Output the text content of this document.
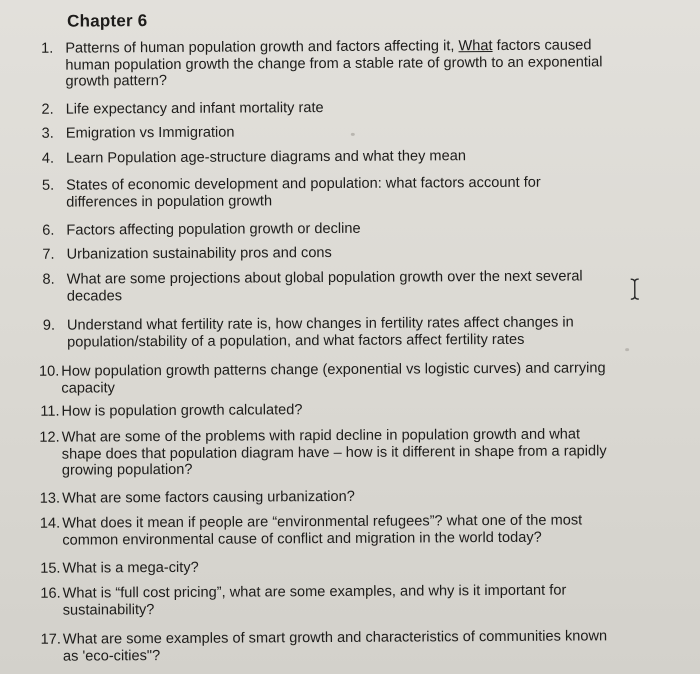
Chapter 6
1. Patterns of human population growth and factors affecting it, What factors caused
human population growth the change from a stable rate of growth to an exponential
growth pattern?
2. Life expectancy and infant mortality rate
3. Emigration vs Immigration
4. Learn Population age-structure diagrams and what they mean
5. States of economic development and population: what factors account for
differences in population growth
6. Factors affecting population growth or decline
7. Urbanization sustainability pros and cons
8. What are some projections about global population growth over the next several
decades
9. Understand what fertility rate is, how changes in fertility rates affect changes in
population/stability of a population, and what factors affect fertility rates
10. How population growth patterns change (exponential vs logistic curves) and carrying
capacity
11. How is population growth calculated?
12. What are some of the problems with rapid decline in population growth and what
shape does that population diagram have – how is it different in shape from a rapidly
growing population?
13. What are some factors causing urbanization?
14. What does it mean if people are “environmental refugees”? what one of the most
common environmental cause of conflict and migration in the world today?
15. What is a mega-city?
16. What is “full cost pricing”, what are some examples, and why is it important for
sustainability?
17. What are some examples of smart growth and characteristics of communities known
as 'eco-cities"?
